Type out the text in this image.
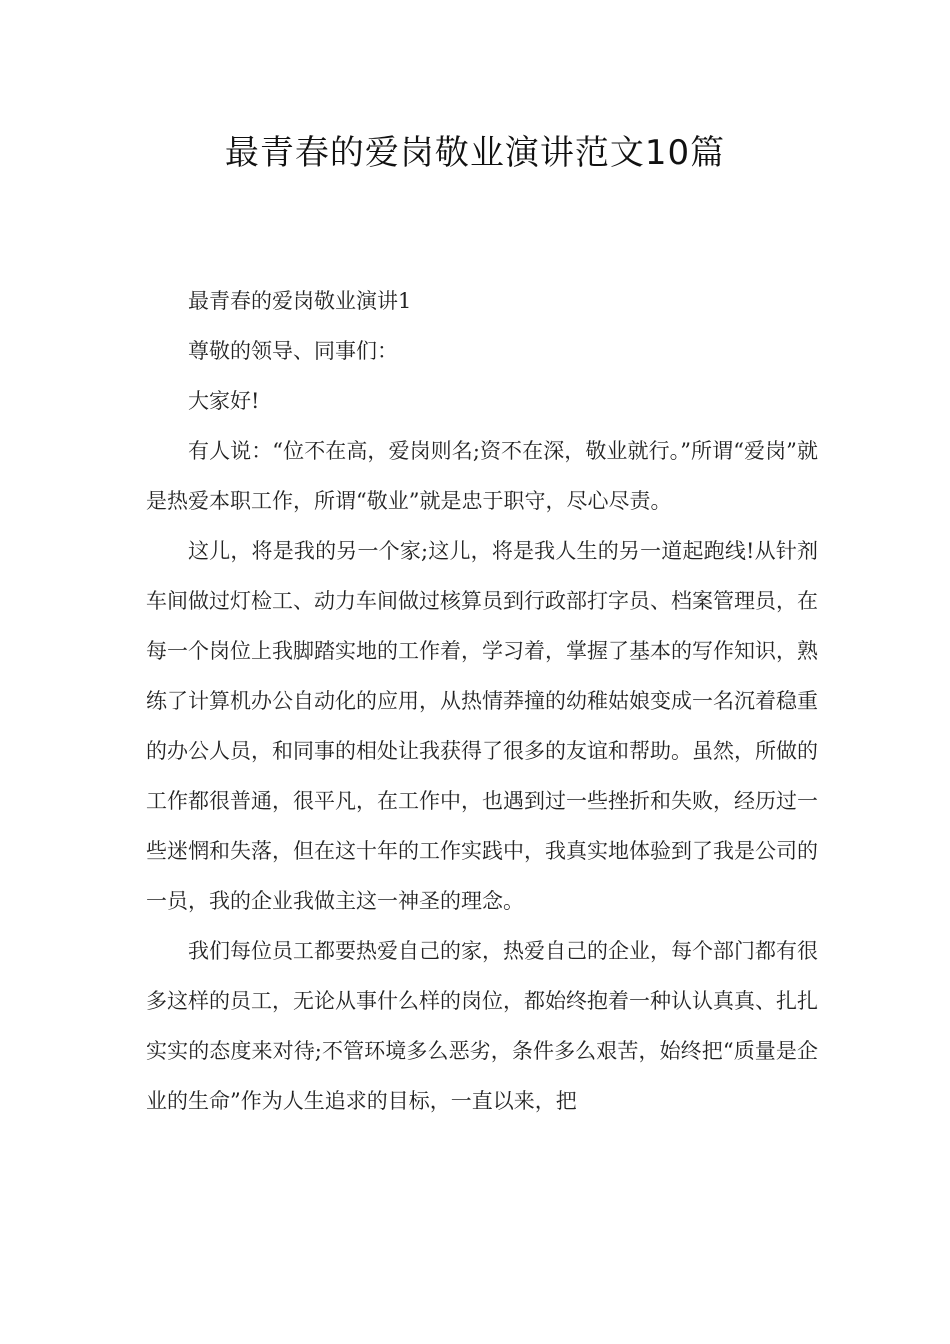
最青春的爱岗敬业演讲范文10篇

最青春的爱岗敬业演讲1

尊敬的领导、同事们：

大家好!

有人说：“位不在高，爱岗则名;资不在深，敬业就行。”所谓“爱岗”就是热爱本职工作，所谓“敬业”就是忠于职守，尽心尽责。

这儿，将是我的另一个家;这儿，将是我人生的另一道起跑线!从针剂车间做过灯检工、动力车间做过核算员到行政部打字员、档案管理员，在每一个岗位上我脚踏实地的工作着，学习着，掌握了基本的写作知识，熟练了计算机办公自动化的应用，从热情莽撞的幼稚姑娘变成一名沉着稳重的办公人员，和同事的相处让我获得了很多的友谊和帮助。虽然，所做的工作都很普通，很平凡，在工作中，也遇到过一些挫折和失败，经历过一些迷惘和失落，但在这十年的工作实践中，我真实地体验到了我是公司的一员，我的企业我做主这一神圣的理念。

我们每位员工都要热爱自己的家，热爱自己的企业，每个部门都有很多这样的员工，无论从事什么样的岗位，都始终抱着一种认认真真、扎扎实实的态度来对待;不管环境多么恶劣，条件多么艰苦，始终把“质量是企业的生命”作为人生追求的目标，一直以来，把
